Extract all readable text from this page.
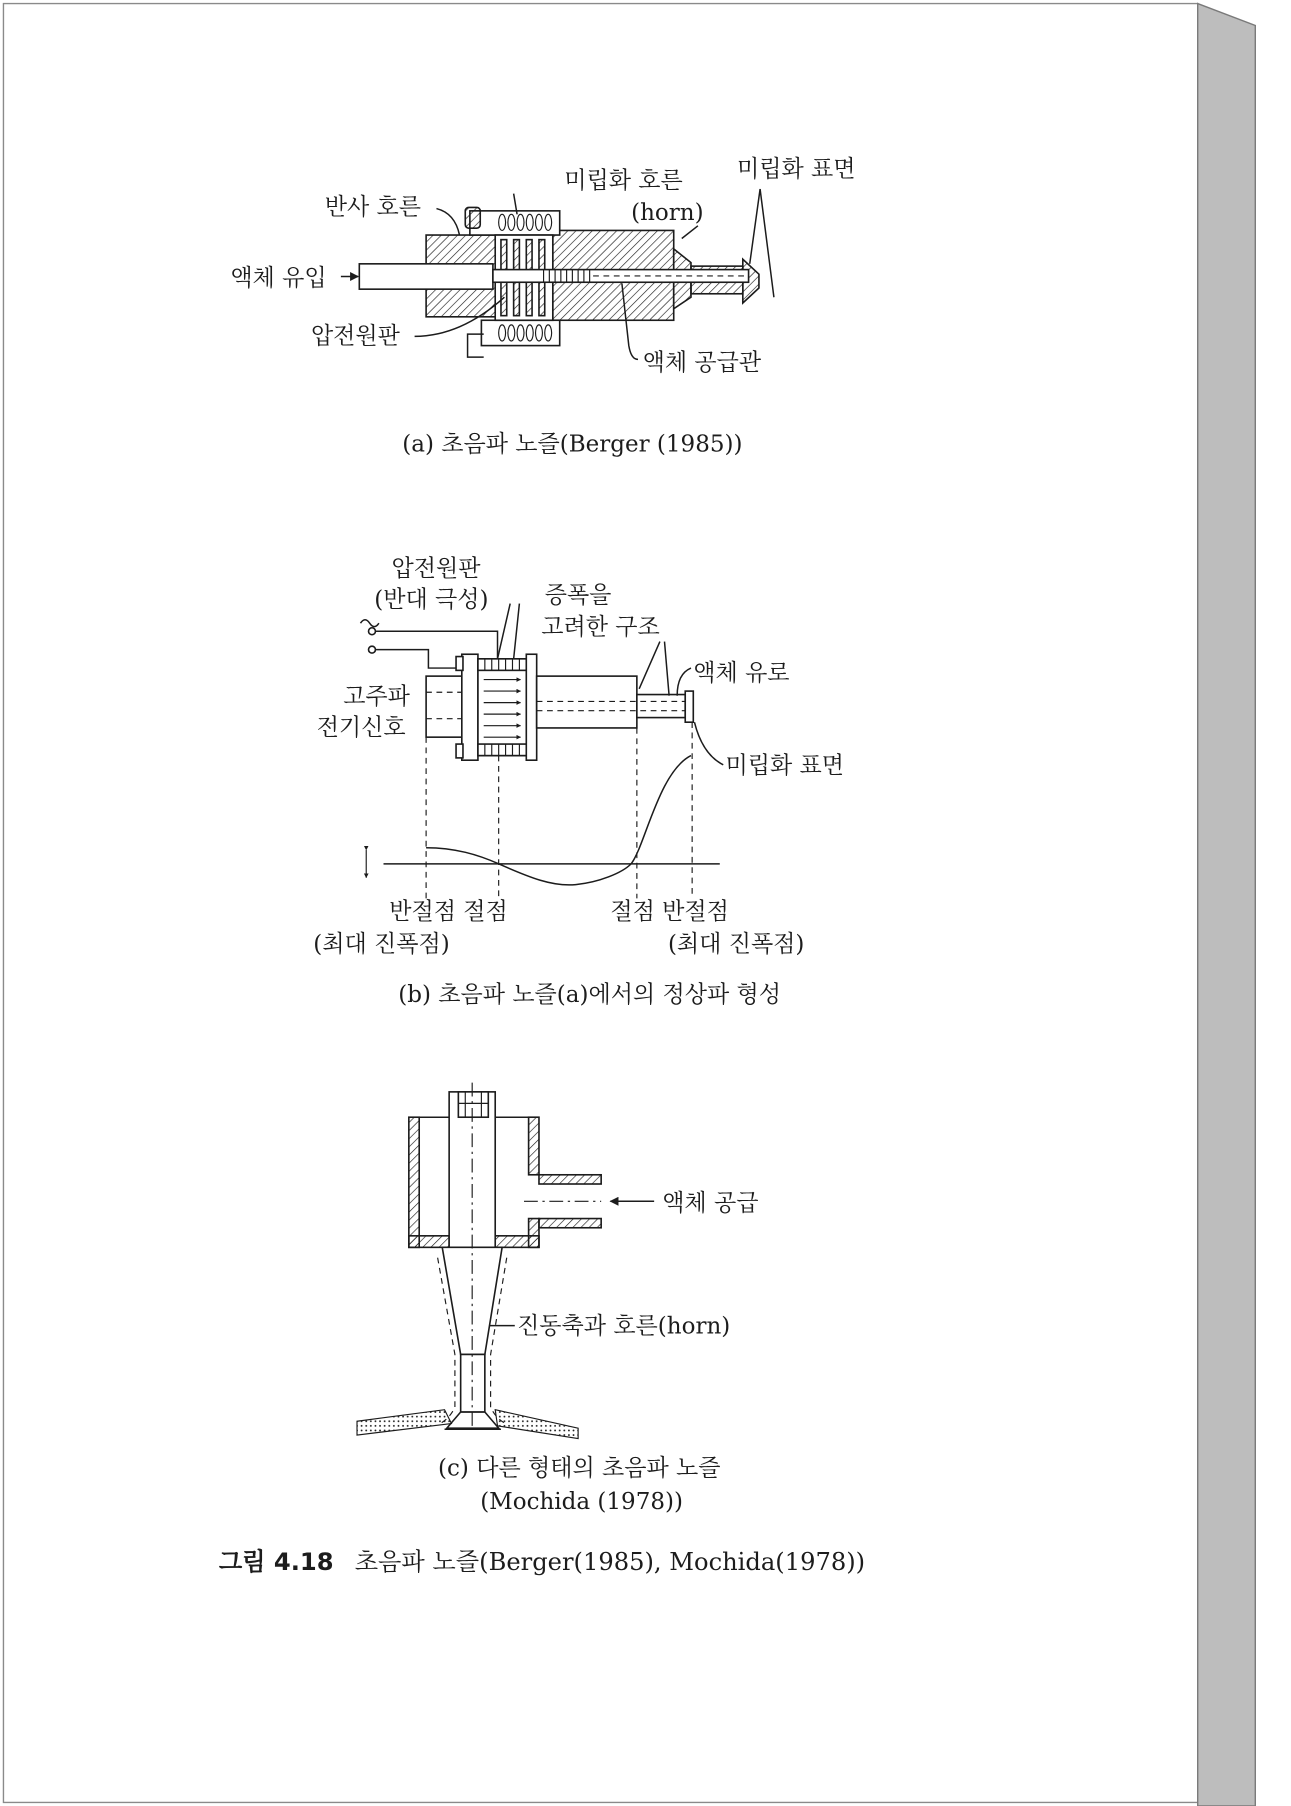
미립화 호른
(horn)
미립화 표면
반사 호른
액체 유입
압전원판
액체 공급관
(a) 초음파 노즐(Berger (1985))
압전원판
(반대 극성)	증폭을
고려한 구조
액체 유로
고주파
전기신호
미립화 표면
반절점 절점
(최대 진폭점)
절점 반절점
(최대 진폭점)
(b) 초음파 노즐(a)에서의 정상파 형성
액체 공급
진동축과 호른(horn)
(c) 다른 형태의 초음파 노즐
(Mochida (1978))
그림 4.18 초음파 노즐(Berger(1985), Mochida(1978))
